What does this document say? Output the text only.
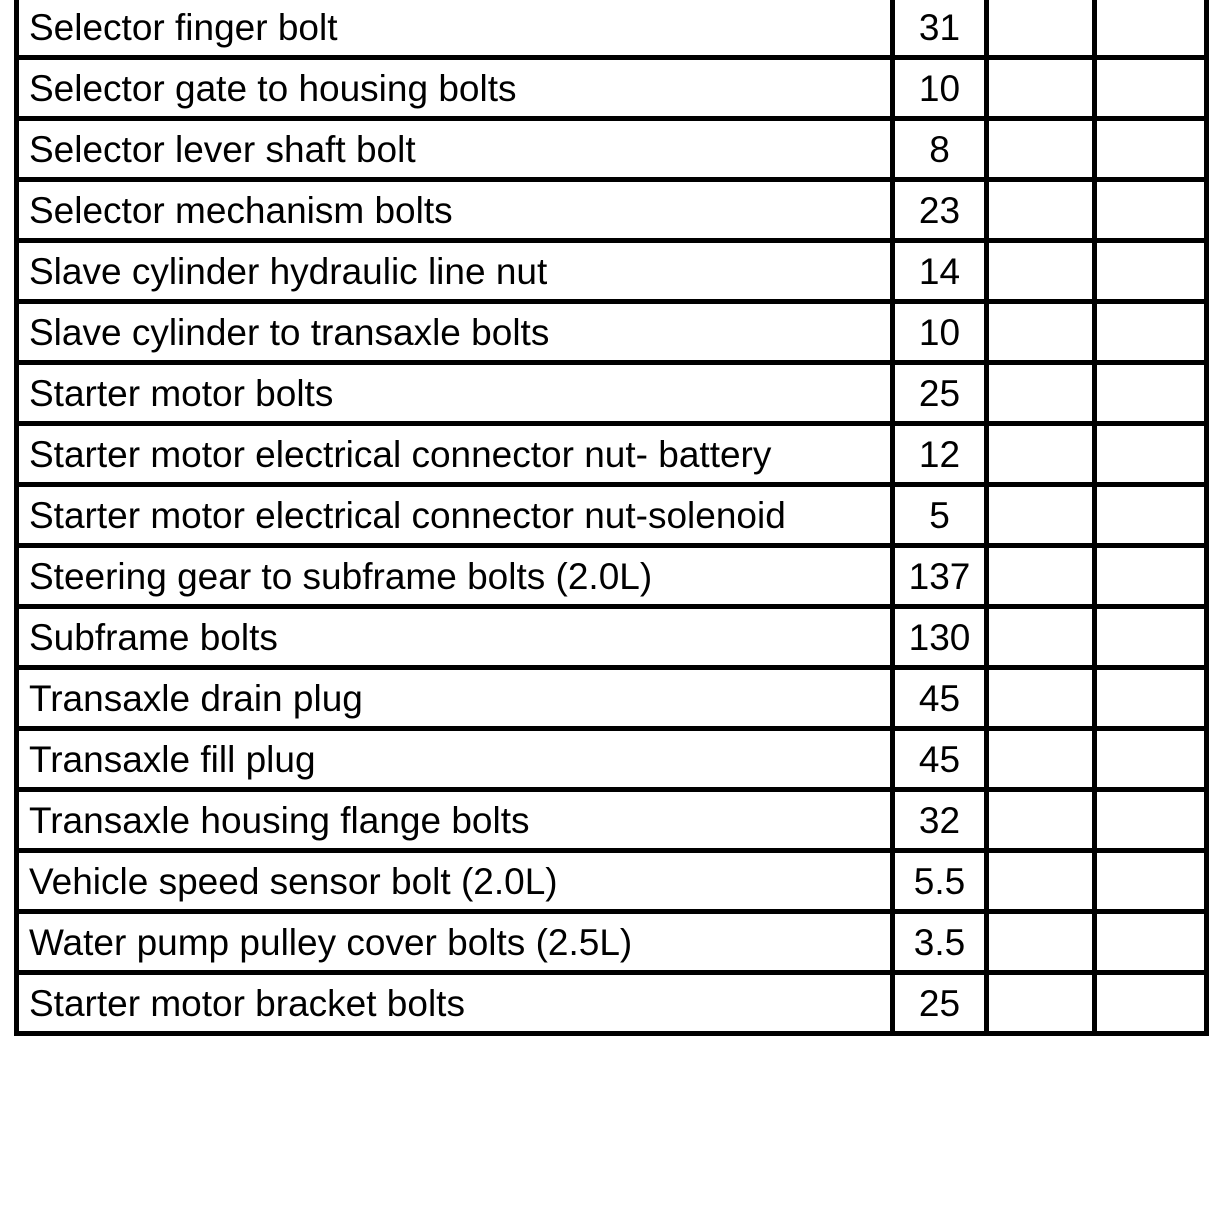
Selector finger bolt	31		
Selector gate to housing bolts	10		
Selector lever shaft bolt	8		
Selector mechanism bolts	23		
Slave cylinder hydraulic line nut	14		
Slave cylinder to transaxle bolts	10		
Starter motor bolts	25		
Starter motor electrical connector nut- battery	12		
Starter motor electrical connector nut-solenoid	5		
Steering gear to subframe bolts (2.0L)	137		
Subframe bolts	130		
Transaxle drain plug	45		
Transaxle fill plug	45		
Transaxle housing flange bolts	32		
Vehicle speed sensor bolt (2.0L)	5.5		
Water pump pulley cover bolts (2.5L)	3.5		
Starter motor bracket bolts	25		
